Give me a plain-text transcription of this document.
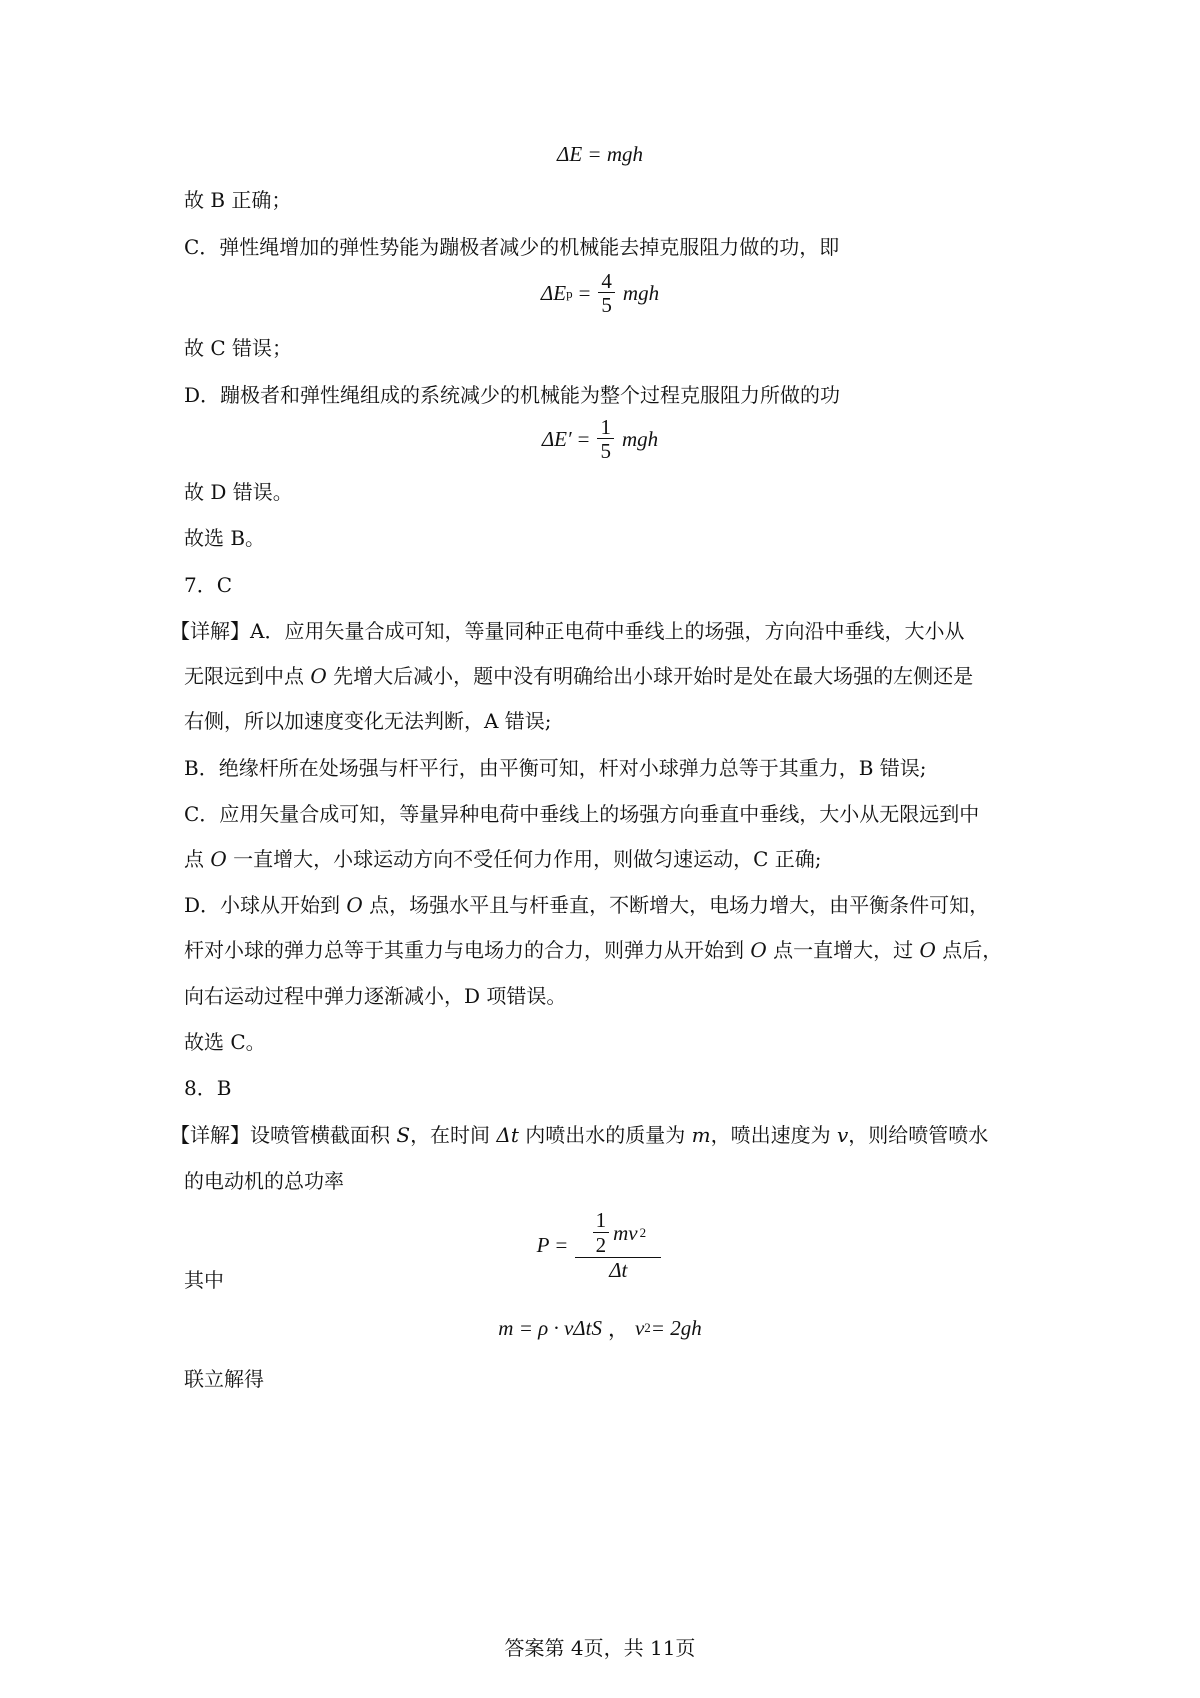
ΔE = mgh
故 B 正确；
C．弹性绳增加的弹性势能为蹦极者减少的机械能去掉克服阻力做的功，即
ΔE $p = \frac{4}{5}$ mgh
故 C 错误；
D．蹦极者和弹性绳组成的系统减少的机械能为整个过程克服阻力所做的功
$\Delta E' = \frac{1}{5}$ mgh
故 D 错误。
故选 B。
7．C
【详解】A．应用矢量合成可知，等量同种正电荷中垂线上的场强，方向沿中垂线，大小从
无限远到中点 O 先增大后减小，题中没有明确给出小球开始时是处在最大场强的左侧还是
右侧，所以加速度变化无法判断，A 错误;
B．绝缘杆所在处场强与杆平行，由平衡可知，杆对小球弹力总等于其重力，B 错误;
C．应用矢量合成可知，等量异种电荷中垂线上的场强方向垂直中垂线，大小从无限远到中
点 O 一直增大，小球运动方向不受任何力作用，则做匀速运动，C 正确;
D．小球从开始到 O 点，场强水平且与杆垂直，不断增大，电场力增大，由平衡条件可知，
杆对小球的弹力总等于其重力与电场力的合力，则弹力从开始到 O 点一直增大，过 O 点后，
向右运动过程中弹力逐渐减小，D 项错误。
故选 C。
8．B
【详解】设喷管横截面积 S，在时间 Δt 内喷出水的质量为 m，喷出速度为 v，则给喷管喷水
的电动机的总功率
$P = \frac{\frac{1}{2} mv 2}{\Delta t}$
其中
m = ρ · vΔtS ， v 2 = 2gh
联立解得
答案第 4页，共 11页
